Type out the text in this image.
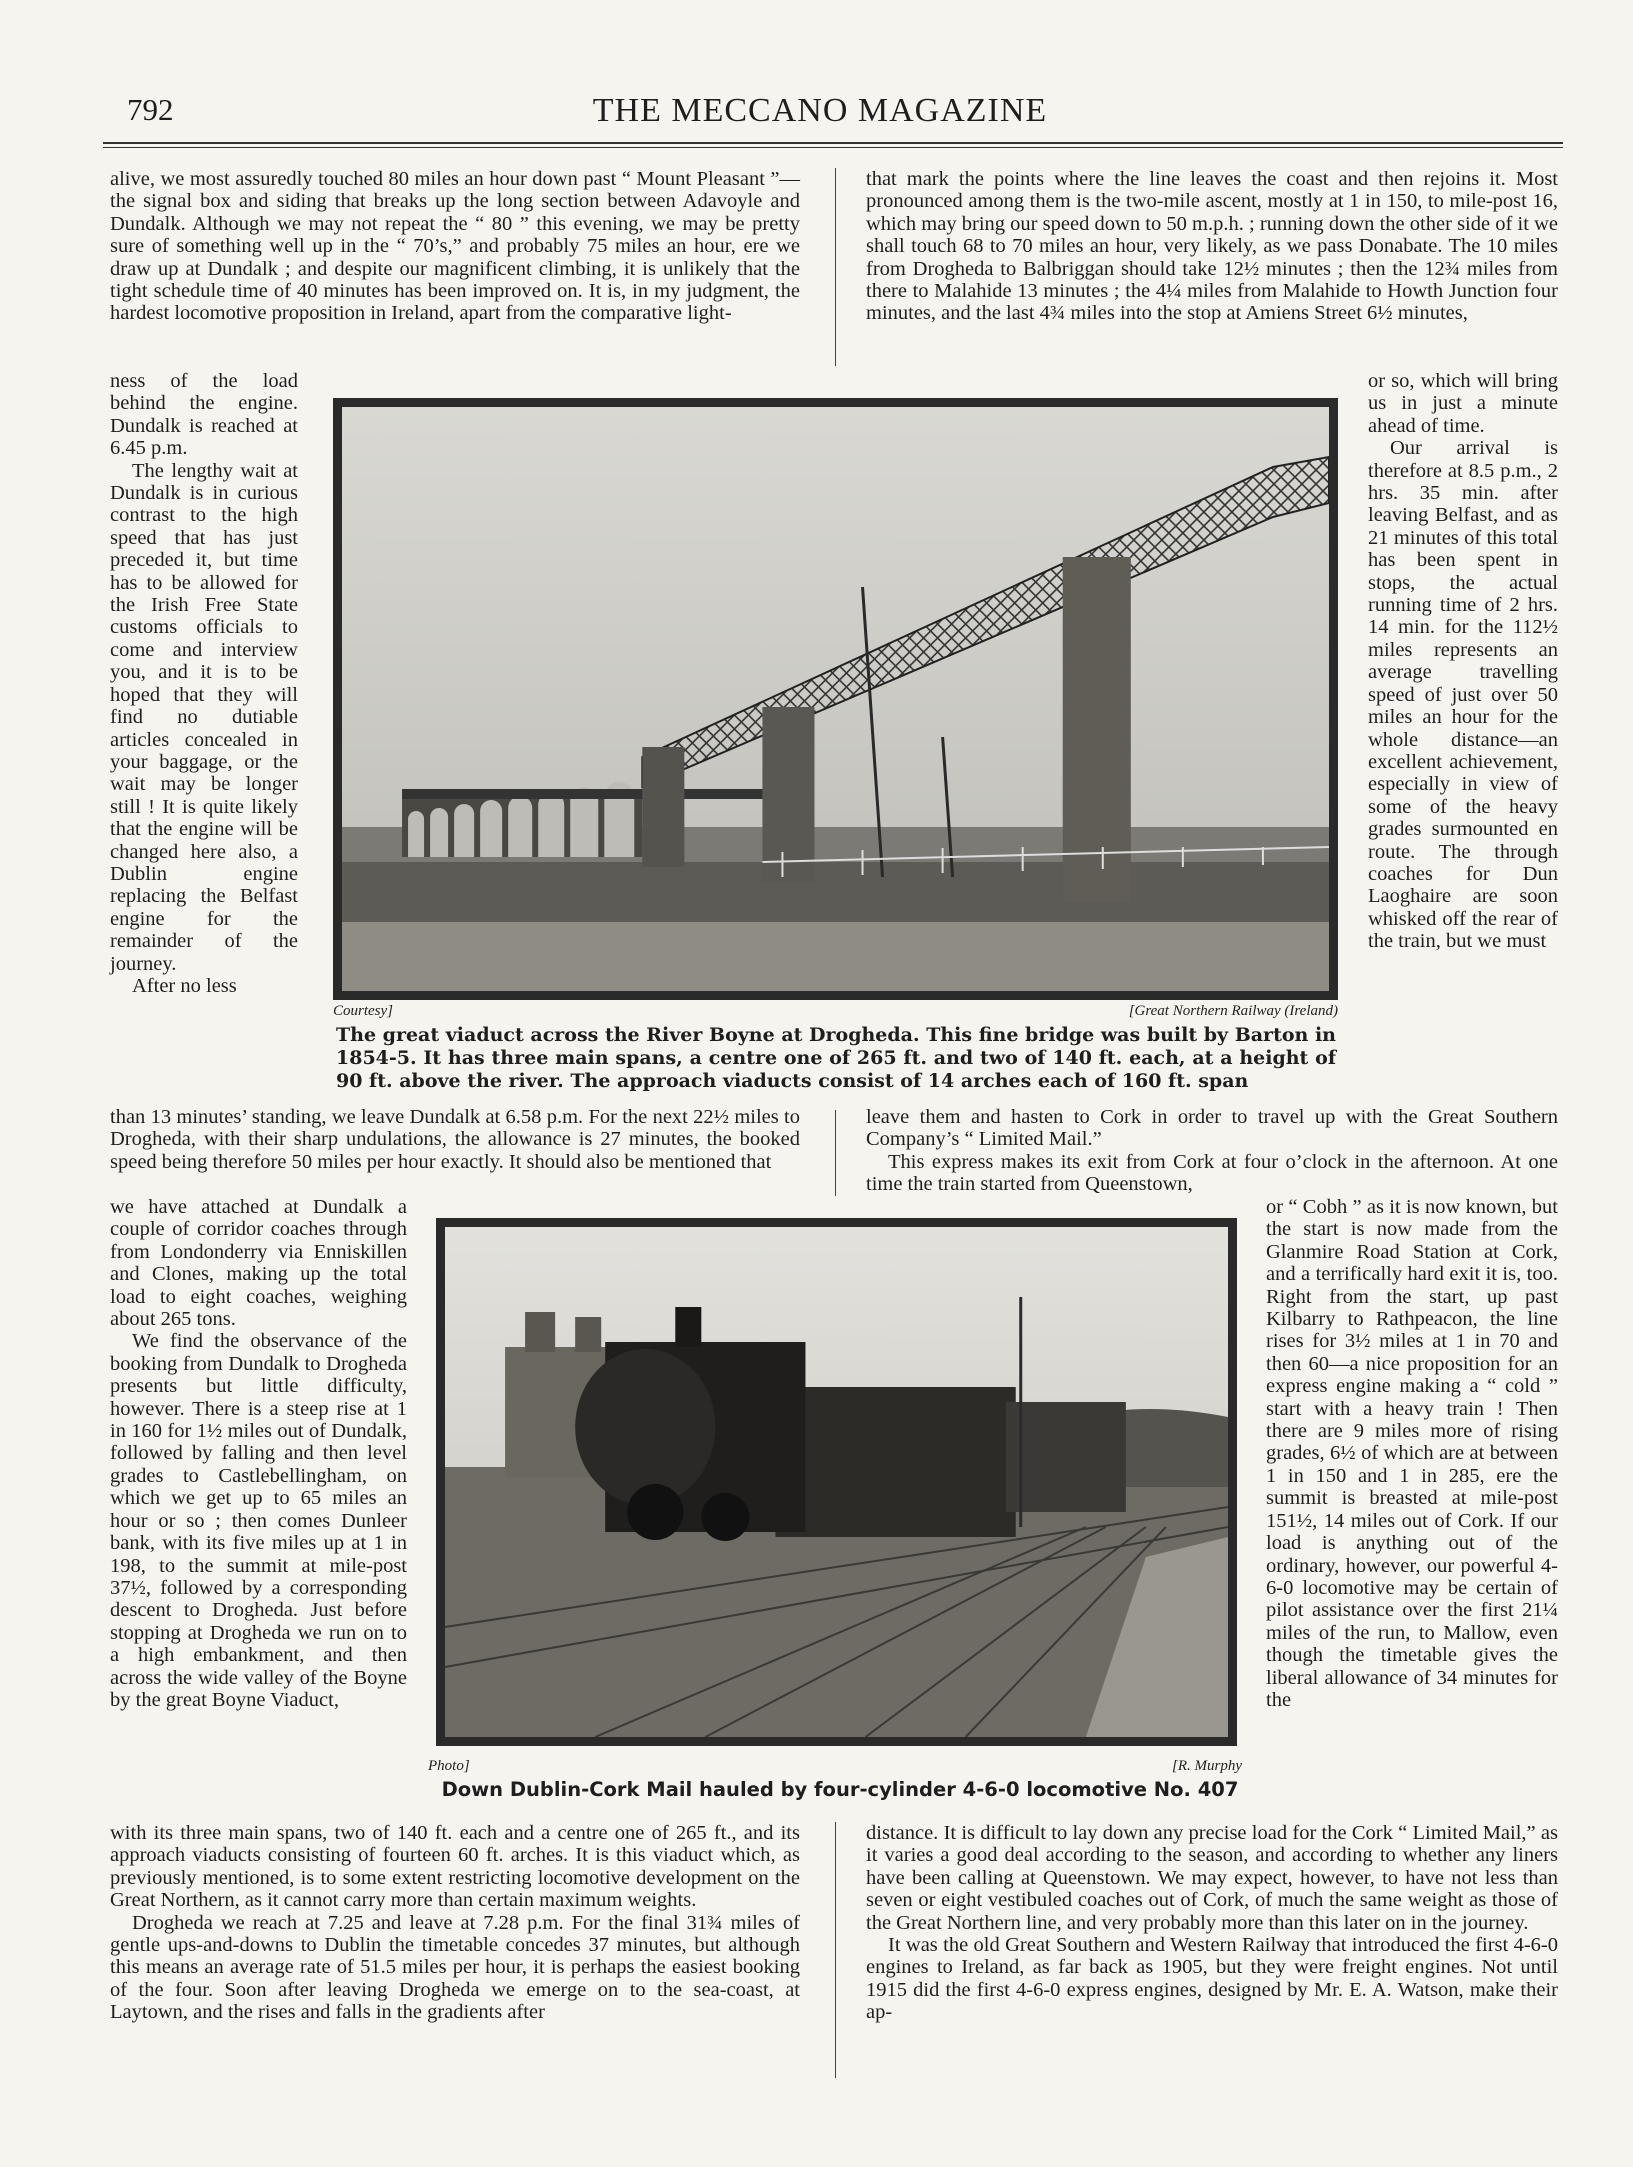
792	THE MECCANO MAGAZINE

alive, we most assuredly touched 80 miles an hour down past “ Mount Pleasant ”—the signal box and siding that breaks up the long section between Adavoyle and Dundalk. Although we may not repeat the “ 80 ” this evening, we may be pretty sure of something well up in the “ 70’s,” and probably 75 miles an hour, ere we draw up at Dundalk ; and despite our magnificent climbing, it is unlikely that the tight schedule time of 40 minutes has been improved on. It is, in my judgment, the hardest locomotive proposition in Ireland, apart from the comparative light-

ness of the load behind the engine. Dundalk is reached at 6.45 p.m.

The lengthy wait at Dundalk is in curious contrast to the high speed that has just preceded it, but time has to be allowed for the Irish Free State customs officials to come and interview you, and it is to be hoped that they will find no dutiable articles concealed in your baggage, or the wait may be longer still ! It is quite likely that the engine will be changed here also, a Dublin engine replacing the Belfast engine for the remainder of the journey.

After no less

than 13 minutes’ standing, we leave Dundalk at 6.58 p.m. For the next 22½ miles to Drogheda, with their sharp undulations, the allowance is 27 minutes, the booked speed being therefore 50 miles per hour exactly. It should also be mentioned that

we have attached at Dundalk a couple of corridor coaches through from Londonderry via Enniskillen and Clones, making up the total load to eight coaches, weighing about 265 tons.

We find the observance of the booking from Dundalk to Drogheda presents but little difficulty, however. There is a steep rise at 1 in 160 for 1½ miles out of Dundalk, followed by falling and then level grades to Castlebellingham, on which we get up to 65 miles an hour or so ; then comes Dunleer bank, with its five miles up at 1 in 198, to the summit at mile-post 37½, followed by a corresponding descent to Drogheda. Just before stopping at Drogheda we run on to a high embankment, and then across the wide valley of the Boyne by the great Boyne Viaduct,

with its three main spans, two of 140 ft. each and a centre one of 265 ft., and its approach viaducts consisting of fourteen 60 ft. arches. It is this viaduct which, as previously mentioned, is to some extent restricting locomotive development on the Great Northern, as it cannot carry more than certain maximum weights.

Drogheda we reach at 7.25 and leave at 7.28 p.m. For the final 31¾ miles of gentle ups-and-downs to Dublin the timetable concedes 37 minutes, but although this means an average rate of 51.5 miles per hour, it is perhaps the easiest booking of the four. Soon after leaving Drogheda we emerge on to the sea-coast, at Laytown, and the rises and falls in the gradients after

that mark the points where the line leaves the coast and then rejoins it. Most pronounced among them is the two-mile ascent, mostly at 1 in 150, to mile-post 16, which may bring our speed down to 50 m.p.h. ; running down the other side of it we shall touch 68 to 70 miles an hour, very likely, as we pass Donabate. The 10 miles from Drogheda to Balbriggan should take 12½ minutes ; then the 12¾ miles from there to Malahide 13 minutes ; the 4¼ miles from Malahide to Howth Junction four minutes, and the last 4¾ miles into the stop at Amiens Street 6½ minutes,

or so, which will bring us in just a minute ahead of time.

Our arrival is therefore at 8.5 p.m., 2 hrs. 35 min. after leaving Belfast, and as 21 minutes of this total has been spent in stops, the actual running time of 2 hrs. 14 min. for the 112½ miles represents an average travelling speed of just over 50 miles an hour for the whole distance—an excellent achievement, especially in view of some of the heavy grades surmounted en route. The through coaches for Dun Laoghaire are soon whisked off the rear of the train, but we must

leave them and hasten to Cork in order to travel up with the Great Southern Company’s “ Limited Mail.”

This express makes its exit from Cork at four o’clock in the afternoon. At one time the train started from Queenstown,

or “ Cobh ” as it is now known, but the start is now made from the Glanmire Road Station at Cork, and a terrifically hard exit it is, too. Right from the start, up past Kilbarry to Rathpeacon, the line rises for 3½ miles at 1 in 70 and then 60—a nice proposition for an express engine making a “ cold ” start with a heavy train ! Then there are 9 miles more of rising grades, 6½ of which are at between 1 in 150 and 1 in 285, ere the summit is breasted at mile-post 151½, 14 miles out of Cork. If our load is anything out of the ordinary, however, our powerful 4-6-0 locomotive may be certain of pilot assistance over the first 21¼ miles of the run, to Mallow, even though the timetable gives the liberal allowance of 34 minutes for the

distance. It is difficult to lay down any precise load for the Cork “ Limited Mail,” as it varies a good deal according to the season, and according to whether any liners have been calling at Queenstown. We may expect, however, to have not less than seven or eight vestibuled coaches out of Cork, of much the same weight as those of the Great Northern line, and very probably more than this later on in the journey.

It was the old Great Southern and Western Railway that introduced the first 4-6-0 engines to Ireland, as far back as 1905, but they were freight engines. Not until 1915 did the first 4-6-0 express engines, designed by Mr. E. A. Watson, make their ap-

Courtesy]	[Great Northern Railway (Ireland)
The great viaduct across the River Boyne at Drogheda. This fine bridge was built by Barton in 1854-5. It has three main spans, a centre one of 265 ft. and two of 140 ft. each, at a height of 90 ft. above the river. The approach viaducts consist of 14 arches each of 160 ft. span
Photo]	[R. Murphy
Down Dublin-Cork Mail hauled by four-cylinder 4-6-0 locomotive No. 407
